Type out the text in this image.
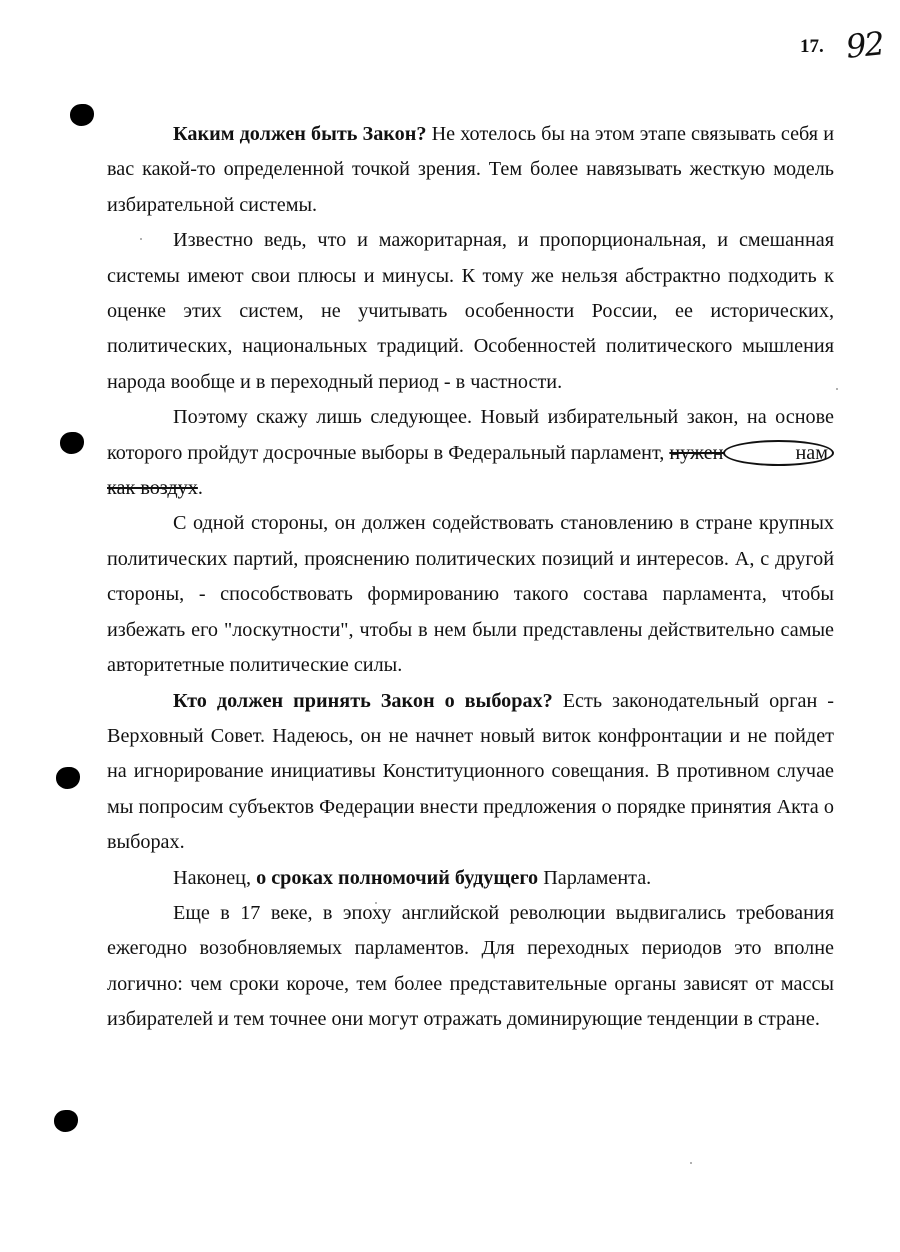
17. 92

Каким должен быть Закон? Не хотелось бы на этом этапе связывать себя и вас какой-то определенной точкой зрения. Тем более навязывать жесткую модель избирательной системы.

Известно ведь, что и мажоритарная, и пропорциональная, и смешанная системы имеют свои плюсы и минусы. К тому же нельзя абстрактно подходить к оценке этих систем, не учитывать особенности России, ее исторических, политических, национальных традиций. Особенностей политического мышления народа вообще и в переходный период - в частности.

Поэтому скажу лишь следующее. Новый избирательный закон, на основе которого пройдут досрочные выборы в Федеральный парламент, нужен	намкак воздух.

С одной стороны, он должен содействовать становлению в стране крупных политических партий, прояснению политических позиций и интересов. А, с другой стороны, - способствовать формированию такого состава парламента, чтобы избежать его "лоскутности", чтобы в нем были представлены действительно самые авторитетные политические силы.

Кто должен принять Закон о выборах? Есть законодательный орган - Верховный Совет. Надеюсь, он не начнет новый виток конфронтации и не пойдет на игнорирование инициативы Конституционного совещания. В противном случае мы попросим субъектов Федерации внести предложения о порядке принятия Акта о выборах.

Наконец, о сроках полномочий будущего Парламента.

Еще в 17 веке, в эпоху английской революции выдвигались требования ежегодно возобновляемых парламентов. Для переходных периодов это вполне логично: чем сроки короче, тем более представительные органы зависят от массы избирателей и тем точнее они могут отражать доминирующие тенденции в стране.
